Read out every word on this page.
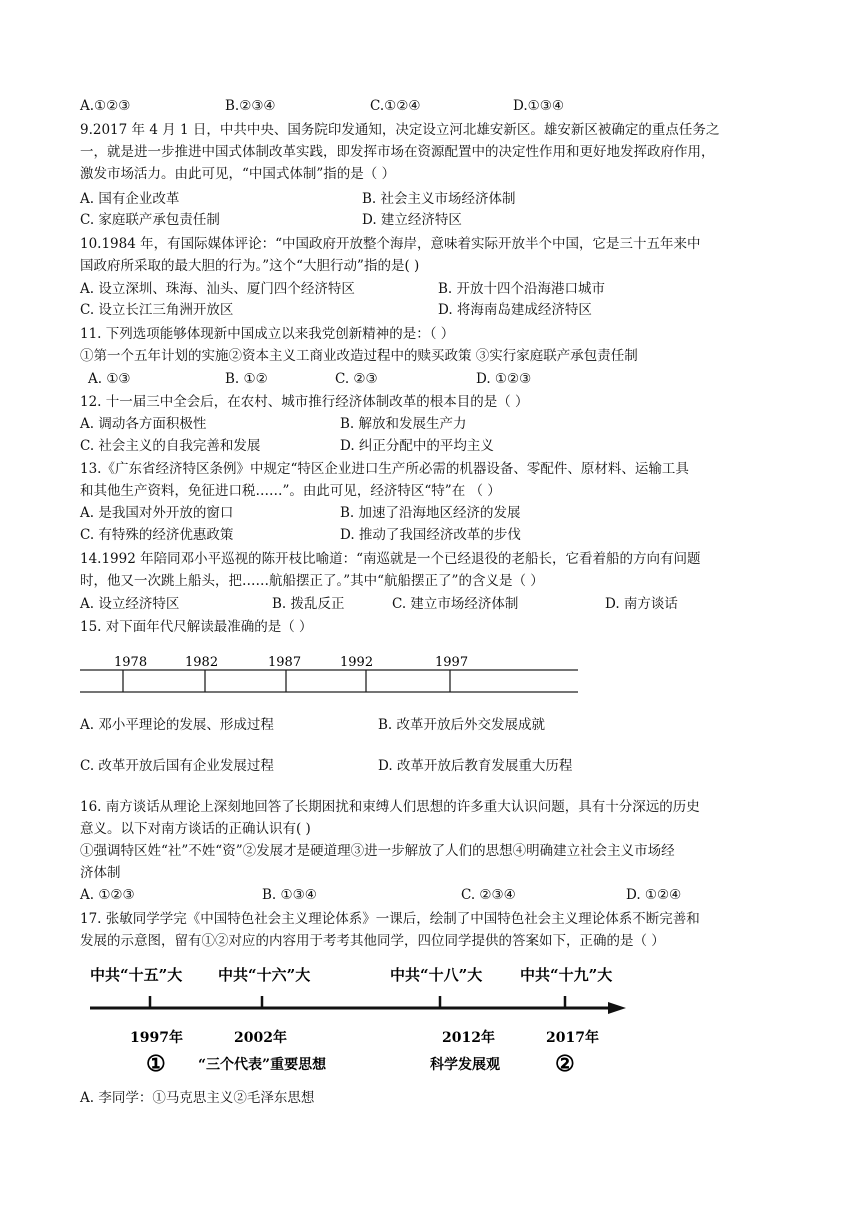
A.①②③	B.②③④	C.①②④	D.①③④
9.2017 年 4 月 1 日，中共中央、国务院印发通知，决定设立河北雄安新区。雄安新区被确定的重点任务之
一，就是进一步推进中国式体制改革实践，即发挥市场在资源配置中的决定性作用和更好地发挥政府作用，
激发市场活力。由此可见，“中国式体制”指的是（ ）
A. 国有企业改革	B. 社会主义市场经济体制
C. 家庭联产承包责任制	D. 建立经济特区
10.1984 年，有国际媒体评论：“中国政府开放整个海岸，意味着实际开放半个中国，它是三十五年来中
国政府所采取的最大胆的行为。”这个“大胆行动”指的是( )
A. 设立深圳、珠海、汕头、厦门四个经济特区	B. 开放十四个沿海港口城市
C. 设立长江三角洲开放区	D. 将海南岛建成经济特区
11. 下列选项能够体现新中国成立以来我党创新精神的是：（ ）
①第一个五年计划的实施②资本主义工商业改造过程中的赎买政策 ③实行家庭联产承包责任制
A. ①③	B. ①②	C. ②③	D. ①②③
12. 十一届三中全会后，在农村、城市推行经济体制改革的根本目的是（ ）
A. 调动各方面积极性	B. 解放和发展生产力
C. 社会主义的自我完善和发展	D. 纠正分配中的平均主义
13.《广东省经济特区条例》中规定“特区企业进口生产所必需的机器设备、零配件、原材料、运输工具
和其他生产资料，免征进口税……”。由此可见，经济特区“特”在 （ ）
A. 是我国对外开放的窗口	B. 加速了沿海地区经济的发展
C. 有特殊的经济优惠政策	D. 推动了我国经济改革的步伐
14.1992 年陪同邓小平巡视的陈开枝比喻道：“南巡就是一个已经退役的老船长，它看着船的方向有问题
时，他又一次跳上船头，把……航船摆正了。”其中“航船摆正了”的含义是（ ）
A. 设立经济特区	B. 拨乱反正	C. 建立市场经济体制	D. 南方谈话
15. 对下面年代尺解读最准确的是（ ）
1978	1982	1987	1992	1997
A. 邓小平理论的发展、形成过程	B. 改革开放后外交发展成就
C. 改革开放后国有企业发展过程	D. 改革开放后教育发展重大历程
16. 南方谈话从理论上深刻地回答了长期困扰和束缚人们思想的许多重大认识问题，具有十分深远的历史
意义。以下对南方谈话的正确认识有( )
①强调特区姓“社”不姓“资”②发展才是硬道理③进一步解放了人们的思想④明确建立社会主义市场经
济体制
A. ①②③	B. ①③④	C. ②③④	D. ①②④
17. 张敏同学学完《中国特色社会主义理论体系》一课后，绘制了中国特色社会主义理论体系不断完善和
发展的示意图，留有①②对应的内容用于考考其他同学，四位同学提供的答案如下，正确的是（ ）
中共“十五”大 中共“十六”大	中共“十八”大	中共“十九”大
1997年	2002年	2012年	2017年
① “三个代表”重要思想	科学发展观	②
A. 李同学：①马克思主义②毛泽东思想
